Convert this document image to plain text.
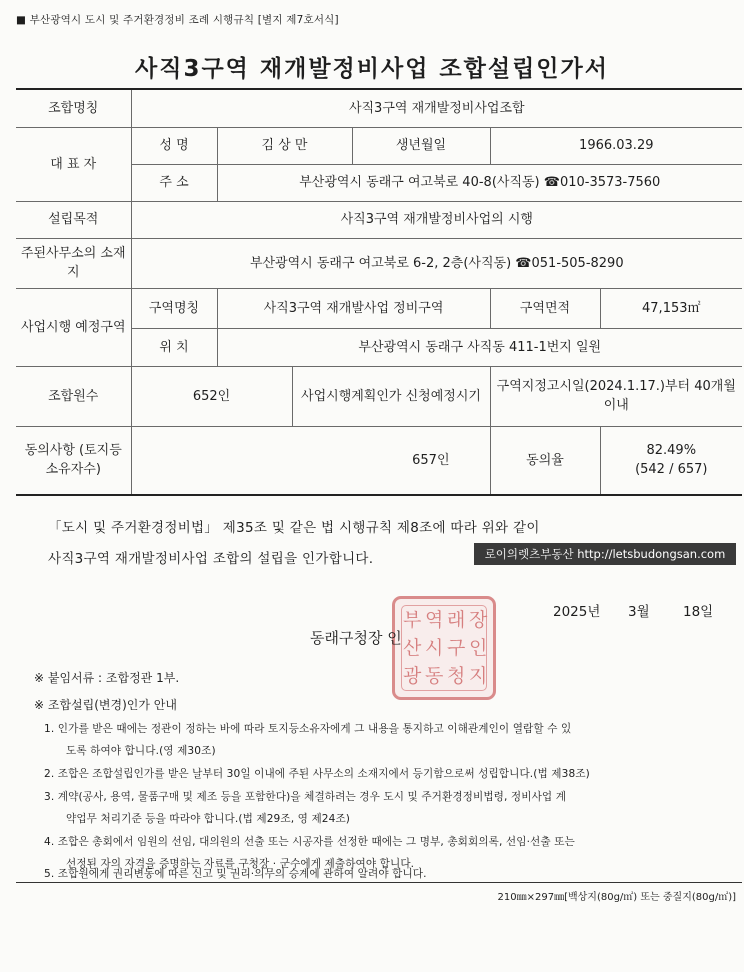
■ 부산광역시 도시 및 주거환경정비 조례 시행규칙 [별지 제7호서식]
사직3구역 재개발정비사업 조합설립인가서
조합명칭	사직3구역 재개발정비사업조합					
대 표 자	성 명	김 상 만		생년월일	1966.03.29	
	주 소	부산광역시 동래구 여고북로 40-8(사직동) ☎010-3573-7560				
설립목적	사직3구역 재개발정비사업의 시행					
주된사무소의 소재지	부산광역시 동래구 여고북로 6-2, 2층(사직동) ☎051-505-8290					
사업시행 예정구역	구역명칭	사직3구역 재개발사업 정비구역			구역면적	47,153㎡
	위 치	부산광역시 동래구 사직동 411-1번지 일원				
조합원수	652인		사업시행계획인가 신청예정시기		구역지정고시일(2024.1.17.)부터 40개월 이내	
동의사항 (토지등 소유자수)	657인				동의율	82.49%
(542 / 657)
「도시 및 주거환경정비법」 제35조 및 같은 법 시행규칙 제8조에 따라 위와 같이
사직3구역 재개발정비사업 조합의 설립을 인가합니다.	로이의렛츠부동산 http://letsbudongsan.com
2025년 3월 18일
부
산
광
역
시
동
래
구
청
장
인
지
동래구청장 인
※ 붙임서류 : 조합정관 1부.
※ 조합설립(변경)인가 안내
1. 인가를 받은 때에는 정관이 정하는 바에 따라 토지등소유자에게 그 내용을 통지하고 이해관계인이 열람할 수 있
도록 하여야 합니다.(영 제30조)
2. 조합은 조합설립인가를 받은 날부터 30일 이내에 주된 사무소의 소재지에서 등기함으로써 성립합니다.(법 제38조)
3. 계약(공사, 용역, 물품구매 및 제조 등을 포함한다)을 체결하려는 경우 도시 및 주거환경정비법령, 정비사업 계
약업무 처리기준 등을 따라야 합니다.(법 제29조, 영 제24조)
4. 조합은 총회에서 임원의 선임, 대의원의 선출 또는 시공자를 선정한 때에는 그 명부, 총회회의록, 선임·선출 또는
선정된 자의 자격을 증명하는 자료를 구청장 · 군수에게 제출하여야 합니다.
5. 조합원에게 권리변동에 따른 신고 및 권리·의무의 승계에 관하여 알려야 합니다.
210㎜×297㎜[백상지(80g/㎡) 또는 중질지(80g/㎡)]
